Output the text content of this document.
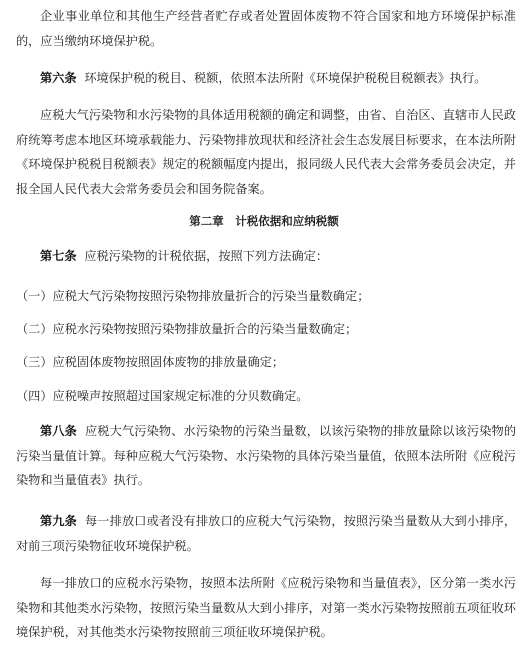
企业事业单位和其他生产经营者贮存或者处置固体废物不符合国家和地方环境保护标准的，应当缴纳环境保护税。

第六条 环境保护税的税目、税额，依照本法所附《环境保护税税目税额表》执行。

应税大气污染物和水污染物的具体适用税额的确定和调整，由省、自治区、直辖市人民政府统筹考虑本地区环境承载能力、污染物排放现状和经济社会生态发展目标要求，在本法所附《环境保护税税目税额表》规定的税额幅度内提出，报同级人民代表大会常务委员会决定，并报全国人民代表大会常务委员会和国务院备案。

第二章　计税依据和应纳税额

第七条 应税污染物的计税依据，按照下列方法确定：

（一）应税大气污染物按照污染物排放量折合的污染当量数确定；

（二）应税水污染物按照污染物排放量折合的污染当量数确定；

（三）应税固体废物按照固体废物的排放量确定；

（四）应税噪声按照超过国家规定标准的分贝数确定。

第八条 应税大气污染物、水污染物的污染当量数，以该污染物的排放量除以该污染物的污染当量值计算。每种应税大气污染物、水污染物的具体污染当量值，依照本法所附《应税污染物和当量值表》执行。

第九条 每一排放口或者没有排放口的应税大气污染物，按照污染当量数从大到小排序，对前三项污染物征收环境保护税。

每一排放口的应税水污染物，按照本法所附《应税污染物和当量值表》，区分第一类水污染物和其他类水污染物，按照污染当量数从大到小排序，对第一类水污染物按照前五项征收环境保护税，对其他类水污染物按照前三项征收环境保护税。
